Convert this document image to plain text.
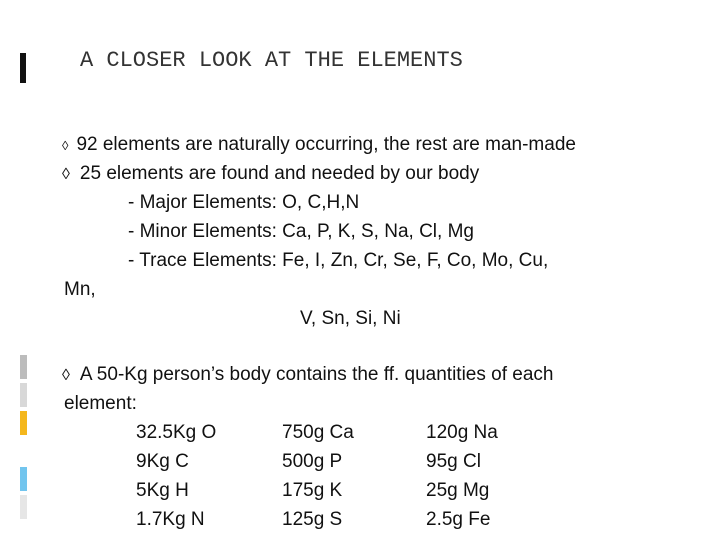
A CLOSER LOOK AT THE ELEMENTS
◊ 92 elements are naturally occurring, the rest are man-made
◊ 25 elements are found and needed by our body
- Major Elements: O, C,H,N
- Minor Elements: Ca, P, K, S, Na, Cl, Mg
- Trace Elements: Fe, I, Zn, Cr, Se, F, Co, Mo, Cu,
Mn,
V, Sn, Si, Ni
◊ A 50-Kg person’s body contains the ff. quantities of each
element:
32.5Kg O	750g Ca	120g Na
9Kg C	500g P	95g Cl
5Kg H	175g K	25g Mg
1.7Kg N	125g S	2.5g Fe
